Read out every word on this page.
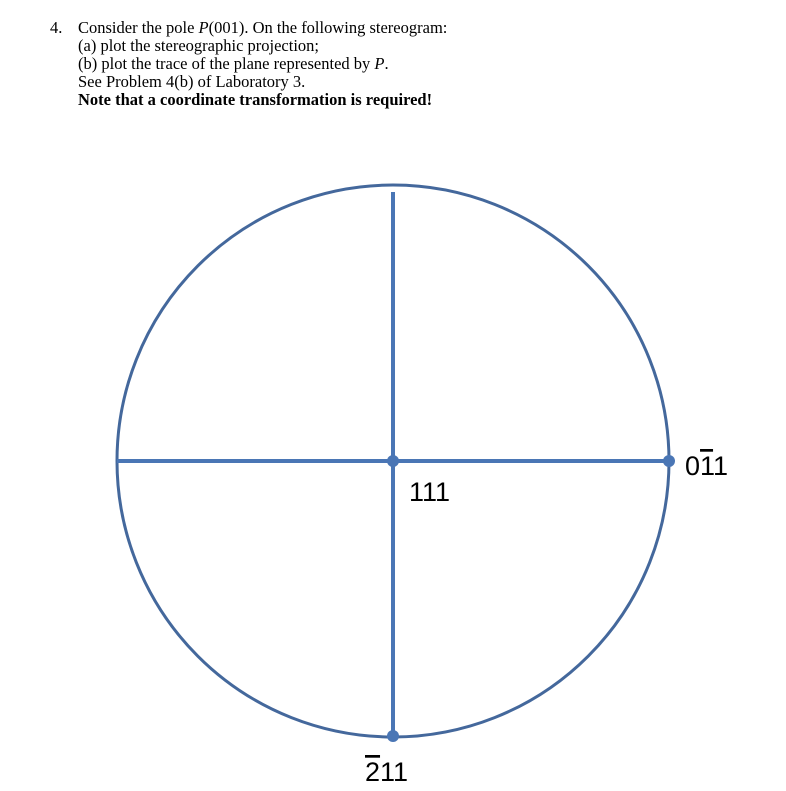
4. Consider the pole P(001). On the following stereogram:
(a) plot the stereographic projection;
(b) plot the trace of the plane represented by P.
See Problem 4(b) of Laboratory 3.
Note that a coordinate transformation is required!
111
011
211
